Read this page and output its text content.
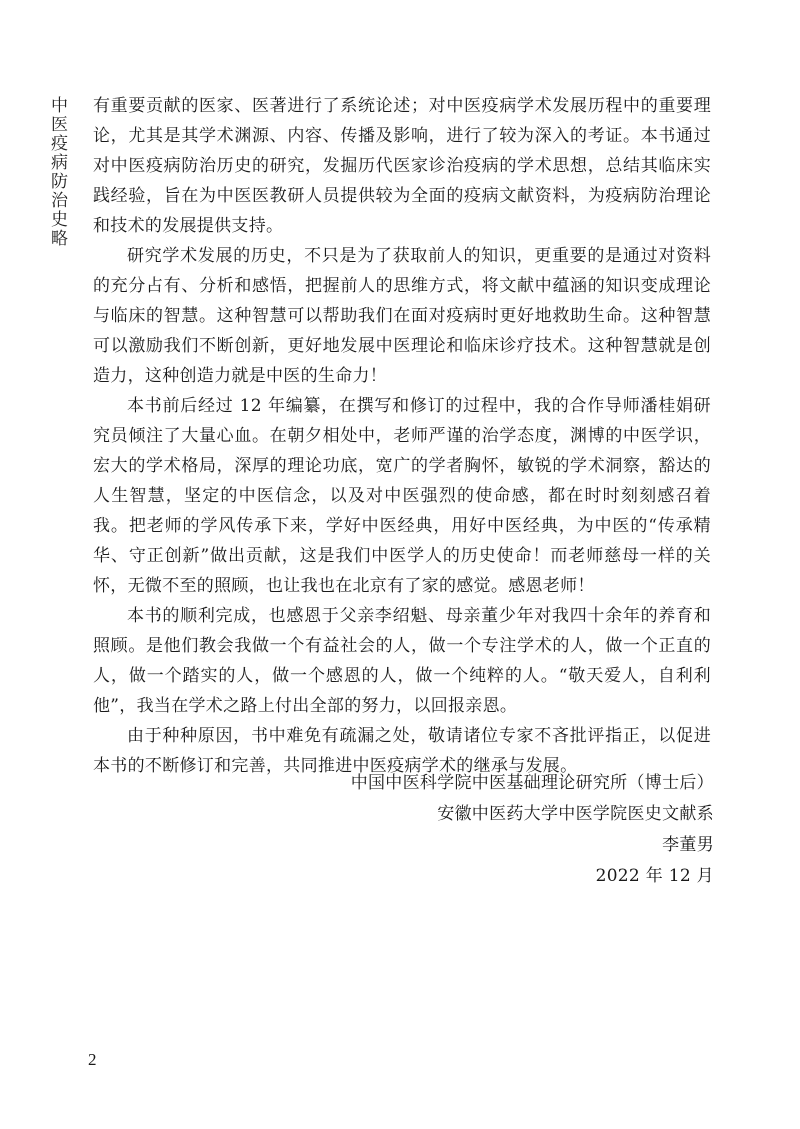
中医疫病防治史略 有重要贡献的医家、医著进行了系统论述；对中医疫病学术发展历程中的重要理论，尤其是其学术渊源、内容、传播及影响，进行了较为深入的考证。本书通过对中医疫病防治历史的研究，发掘历代医家诊治疫病的学术思想，总结其临床实践经验，旨在为中医医教研人员提供较为全面的疫病文献资料，为疫病防治理论和技术的发展提供支持。

研究学术发展的历史，不只是为了获取前人的知识，更重要的是通过对资料的充分占有、分析和感悟，把握前人的思维方式，将文献中蕴涵的知识变成理论与临床的智慧。这种智慧可以帮助我们在面对疫病时更好地救助生命。这种智慧可以激励我们不断创新，更好地发展中医理论和临床诊疗技术。这种智慧就是创造力，这种创造力就是中医的生命力！

本书前后经过 12 年编纂，在撰写和修订的过程中，我的合作导师潘桂娟研究员倾注了大量心血。在朝夕相处中，老师严谨的治学态度，渊博的中医学识，宏大的学术格局，深厚的理论功底，宽广的学者胸怀，敏锐的学术洞察，豁达的人生智慧，坚定的中医信念，以及对中医强烈的使命感，都在时时刻刻感召着我。把老师的学风传承下来，学好中医经典，用好中医经典，为中医的“传承精华、守正创新”做出贡献，这是我们中医学人的历史使命！而老师慈母一样的关怀，无微不至的照顾，也让我也在北京有了家的感觉。感恩老师！

本书的顺利完成，也感恩于父亲李绍魁、母亲董少年对我四十余年的养育和照顾。是他们教会我做一个有益社会的人，做一个专注学术的人，做一个正直的人，做一个踏实的人，做一个感恩的人，做一个纯粹的人。“敬天爱人，自利利他”，我当在学术之路上付出全部的努力，以回报亲恩。

由于种种原因，书中难免有疏漏之处，敬请诸位专家不吝批评指正，以促进本书的不断修订和完善，共同推进中医疫病学术的继承与发展。

中国中医科学院中医基础理论研究所（博士后）
安徽中医药大学中医学院医史文献系
李董男
2022 年 12 月
2
